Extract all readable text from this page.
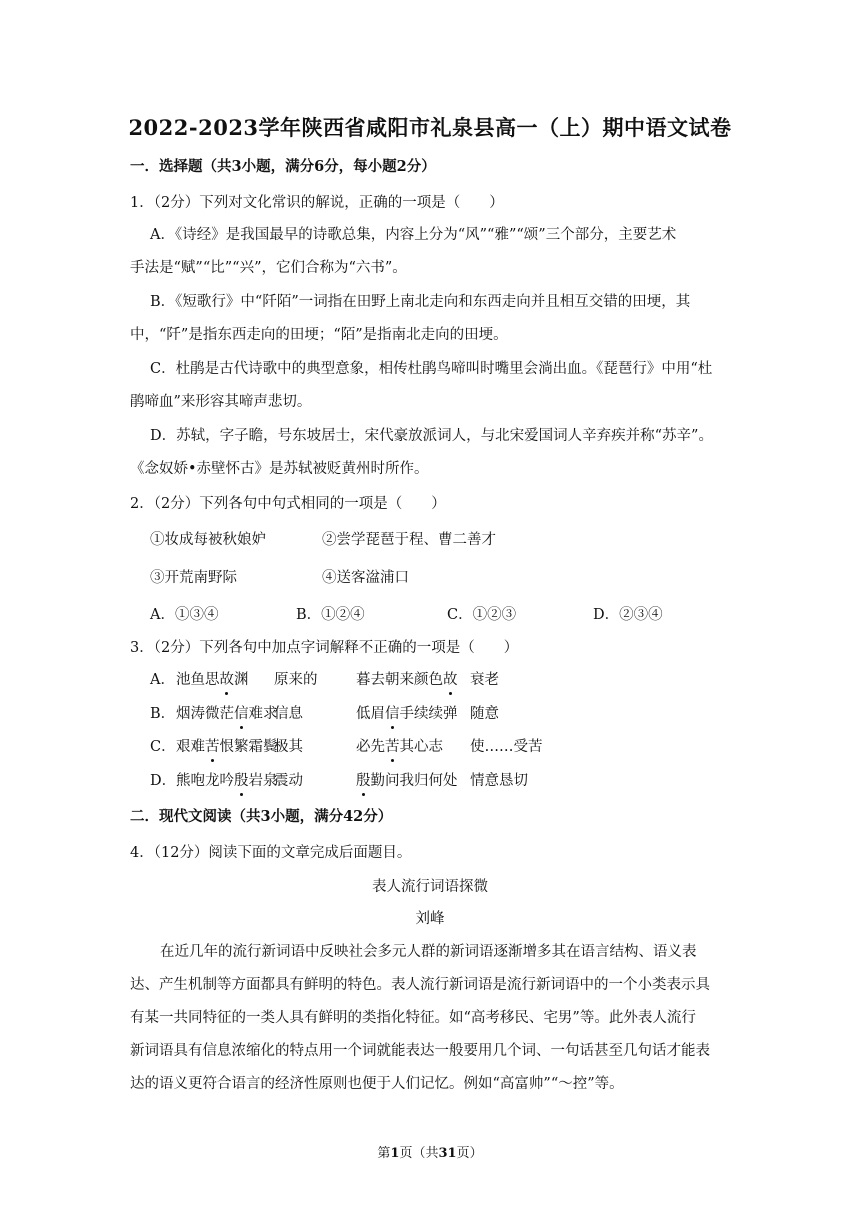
2022-2023学年陕西省咸阳市礼泉县高一（上）期中语文试卷
一．选择题（共3小题，满分6分，每小题2分）
1．（2分）下列对文化常识的解说，正确的一项是（　　）
A．《诗经》是我国最早的诗歌总集，内容上分为“风”“雅”“颂”三个部分，主要艺术
手法是“赋”“比”“兴”，它们合称为“六书”。
B．《短歌行》中“阡陌”一词指在田野上南北走向和东西走向并且相互交错的田埂，其
中，“阡”是指东西走向的田埂；“陌”是指南北走向的田埂。
C．杜鹃是古代诗歌中的典型意象，相传杜鹃鸟啼叫时嘴里会淌出血。《琵琶行》中用“杜
鹃啼血”来形容其啼声悲切。
D．苏轼，字子瞻，号东坡居士，宋代豪放派词人，与北宋爱国词人辛弃疾并称“苏辛”。
《念奴娇•赤壁怀古》是苏轼被贬黄州时所作。
2．（2分）下列各句中句式相同的一项是（　　）
①妆成每被秋娘妒	②尝学琵琶于程、曹二善才
③开荒南野际	④送客湓浦口
A．①③④	B．①②④	C．①②③	D．②③④
3．（2分）下列各句中加点字词解释不正确的一项是（　　）
A．池鱼思故渊 原来的	暮去朝来颜色故 衰老
B．烟涛微茫信难求信息	低眉信手续续弹 随意
C．艰难苦恨繁霜鬓极其	必先苦其心志 使……受苦
D．熊咆龙吟殷岩泉震动	殷勤问我归何处 情意恳切
二．现代文阅读（共3小题，满分42分）
4．（12分）阅读下面的文章完成后面题目。
表人流行词语探微
刘峰
在近几年的流行新词语中反映社会多元人群的新词语逐渐增多其在语言结构、语义表
达、产生机制等方面都具有鲜明的特色。表人流行新词语是流行新词语中的一个小类表示具
有某一共同特征的一类人具有鲜明的类指化特征。如“高考移民、宅男”等。此外表人流行
新词语具有信息浓缩化的特点用一个词就能表达一般要用几个词、一句话甚至几句话才能表
达的语义更符合语言的经济性原则也便于人们记忆。例如“高富帅”“～控”等。
第1页（共31页）
